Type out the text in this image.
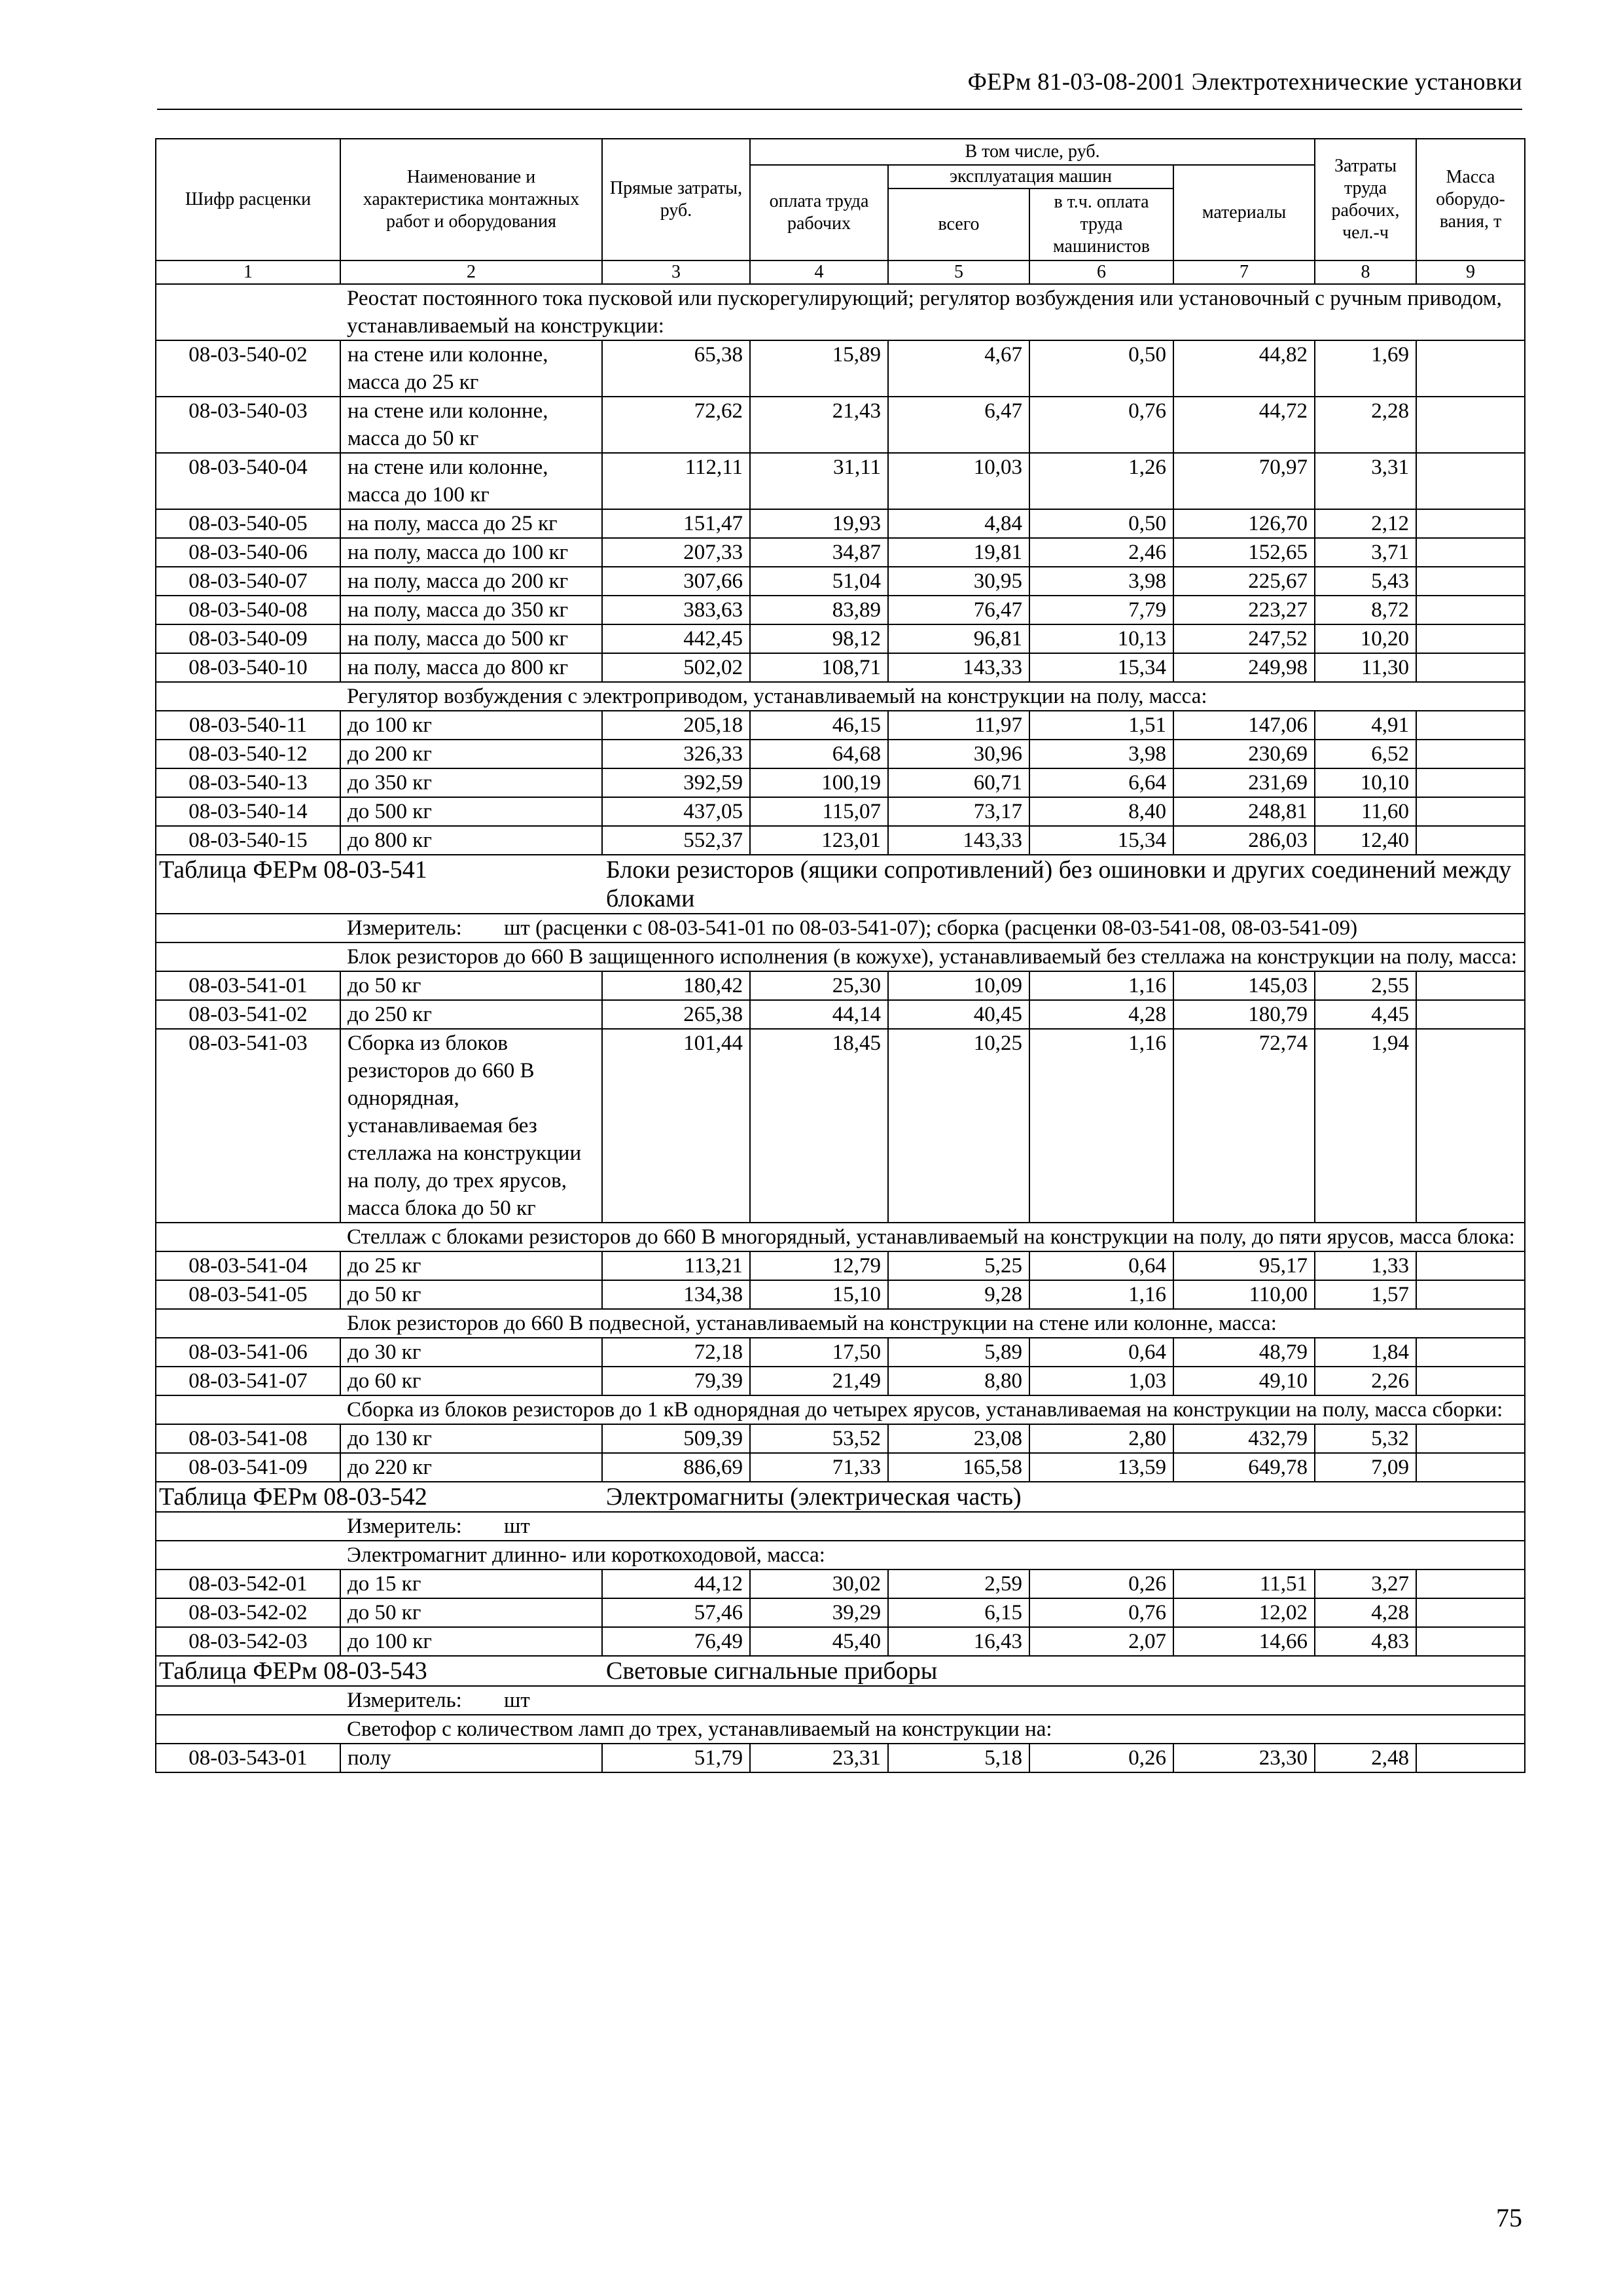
ФЕРм 81-03-08-2001 Электротехнические установки
Шифр расценки	Наименование и характеристика монтажных работ и оборудования	Прямые затраты, руб.	В том числе, руб.				Затраты труда рабочих, чел.-ч	Масса оборудо-вания, т
			оплата труда рабочих	эксплуатация машин		материалы		
				всего	в т.ч. оплата труда машинистов			
1	2	3	4	5	6	7	8	9
	Реостат постоянного тока пусковой или пускорегулирующий; регулятор возбуждения или установочный с ручным приводом, устанавливаемый на конструкции:							
08-03-540-02	на стене или колонне, масса до 25 кг	65,38	15,89	4,67	0,50	44,82	1,69	
08-03-540-03	на стене или колонне, масса до 50 кг	72,62	21,43	6,47	0,76	44,72	2,28	
08-03-540-04	на стене или колонне, масса до 100 кг	112,11	31,11	10,03	1,26	70,97	3,31	
08-03-540-05	на полу, масса до 25 кг	151,47	19,93	4,84	0,50	126,70	2,12	
08-03-540-06	на полу, масса до 100 кг	207,33	34,87	19,81	2,46	152,65	3,71	
08-03-540-07	на полу, масса до 200 кг	307,66	51,04	30,95	3,98	225,67	5,43	
08-03-540-08	на полу, масса до 350 кг	383,63	83,89	76,47	7,79	223,27	8,72	
08-03-540-09	на полу, масса до 500 кг	442,45	98,12	96,81	10,13	247,52	10,20	
08-03-540-10	на полу, масса до 800 кг	502,02	108,71	143,33	15,34	249,98	11,30	
	Регулятор возбуждения с электроприводом, устанавливаемый на конструкции на полу, масса:							
08-03-540-11	до 100 кг	205,18	46,15	11,97	1,51	147,06	4,91	
08-03-540-12	до 200 кг	326,33	64,68	30,96	3,98	230,69	6,52	
08-03-540-13	до 350 кг	392,59	100,19	60,71	6,64	231,69	10,10	
08-03-540-14	до 500 кг	437,05	115,07	73,17	8,40	248,81	11,60	
08-03-540-15	до 800 кг	552,37	123,01	143,33	15,34	286,03	12,40	
Таблица ФЕРм 08-03-541		Блоки резисторов (ящики сопротивлений) без ошиновки и других соединений между блоками						
	Измеритель: шт (расценки с 08-03-541-01 по 08-03-541-07); сборка (расценки 08-03-541-08, 08-03-541-09)							
	Блок резисторов до 660 В защищенного исполнения (в кожухе), устанавливаемый без стеллажа на конструкции на полу, масса:							
08-03-541-01	до 50 кг	180,42	25,30	10,09	1,16	145,03	2,55	
08-03-541-02	до 250 кг	265,38	44,14	40,45	4,28	180,79	4,45	
08-03-541-03	Сборка из блоков резисторов до 660 В однорядная, устанавливаемая без стеллажа на конструкции на полу, до трех ярусов, масса блока до 50 кг	101,44	18,45	10,25	1,16	72,74	1,94	
	Стеллаж с блоками резисторов до 660 В многорядный, устанавливаемый на конструкции на полу, до пяти ярусов, масса блока:							
08-03-541-04	до 25 кг	113,21	12,79	5,25	0,64	95,17	1,33	
08-03-541-05	до 50 кг	134,38	15,10	9,28	1,16	110,00	1,57	
	Блок резисторов до 660 В подвесной, устанавливаемый на конструкции на стене или колонне, масса:							
08-03-541-06	до 30 кг	72,18	17,50	5,89	0,64	48,79	1,84	
08-03-541-07	до 60 кг	79,39	21,49	8,80	1,03	49,10	2,26	
	Сборка из блоков резисторов до 1 кВ однорядная до четырех ярусов, устанавливаемая на конструкции на полу, масса сборки:							
08-03-541-08	до 130 кг	509,39	53,52	23,08	2,80	432,79	5,32	
08-03-541-09	до 220 кг	886,69	71,33	165,58	13,59	649,78	7,09	
Таблица ФЕРм 08-03-542		Электромагниты (электрическая часть)						
	Измеритель: шт							
	Электромагнит длинно- или короткоходовой, масса:							
08-03-542-01	до 15 кг	44,12	30,02	2,59	0,26	11,51	3,27	
08-03-542-02	до 50 кг	57,46	39,29	6,15	0,76	12,02	4,28	
08-03-542-03	до 100 кг	76,49	45,40	16,43	2,07	14,66	4,83	
Таблица ФЕРм 08-03-543		Световые сигнальные приборы						
	Измеритель: шт							
	Светофор с количеством ламп до трех, устанавливаемый на конструкции на:							
08-03-543-01	полу	51,79	23,31	5,18	0,26	23,30	2,48	
75
